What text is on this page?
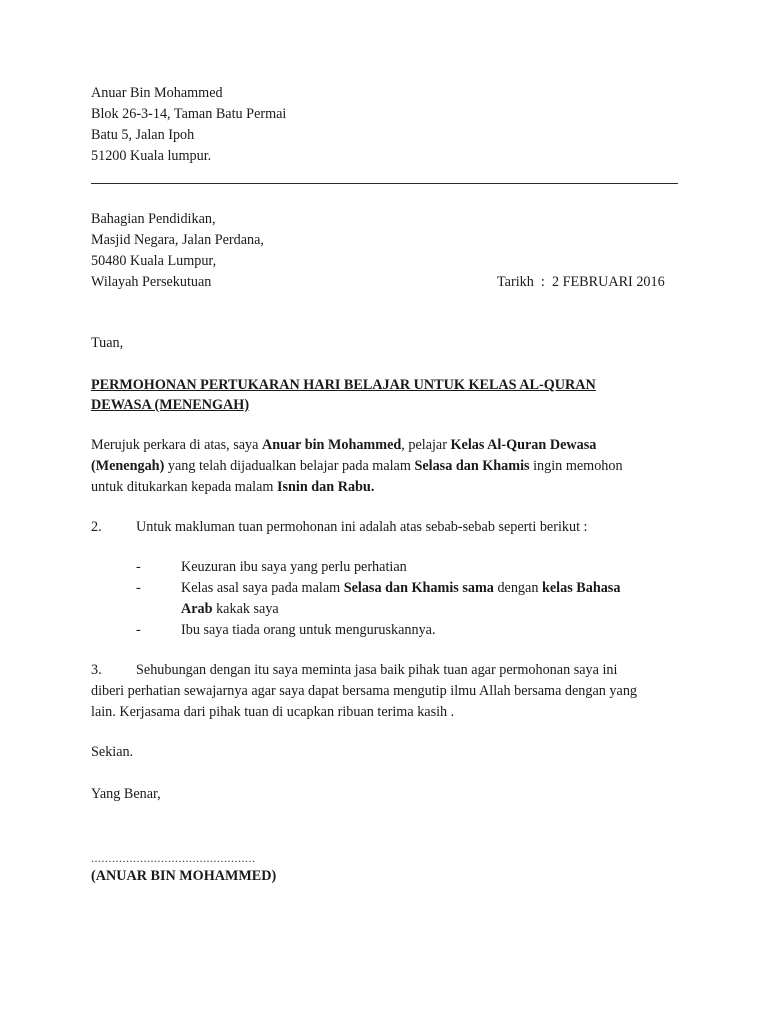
Anuar Bin Mohammed
Blok 26-3-14, Taman Batu Permai
Batu 5, Jalan Ipoh
51200 Kuala lumpur.
Bahagian Pendidikan,
Masjid Negara, Jalan Perdana,
50480 Kuala Lumpur,
Wilayah Persekutuan	Tarikh : 2 FEBRUARI 2016
Tuan,
PERMOHONAN PERTUKARAN HARI BELAJAR UNTUK KELAS AL-QURAN
DEWASA (MENENGAH)
Merujuk perkara di atas, saya Anuar bin Mohammed, pelajar Kelas Al-Quran Dewasa
(Menengah) yang telah dijadualkan belajar pada malam Selasa dan Khamis ingin memohon
untuk ditukarkan kepada malam Isnin dan Rabu.
2. Untuk makluman tuan permohonan ini adalah atas sebab-sebab seperti berikut :
-	Keuzuran ibu saya yang perlu perhatian
-	Kelas asal saya pada malam Selasa dan Khamis sama dengan kelas Bahasa
Arab kakak saya
-	Ibu saya tiada orang untuk menguruskannya.
3. Sehubungan dengan itu saya meminta jasa baik pihak tuan agar permohonan saya ini
diberi perhatian sewajarnya agar saya dapat bersama mengutip ilmu Allah bersama dengan yang
lain. Kerjasama dari pihak tuan di ucapkan ribuan terima kasih .
Sekian.
Yang Benar,
...............................................
(ANUAR BIN MOHAMMED)
